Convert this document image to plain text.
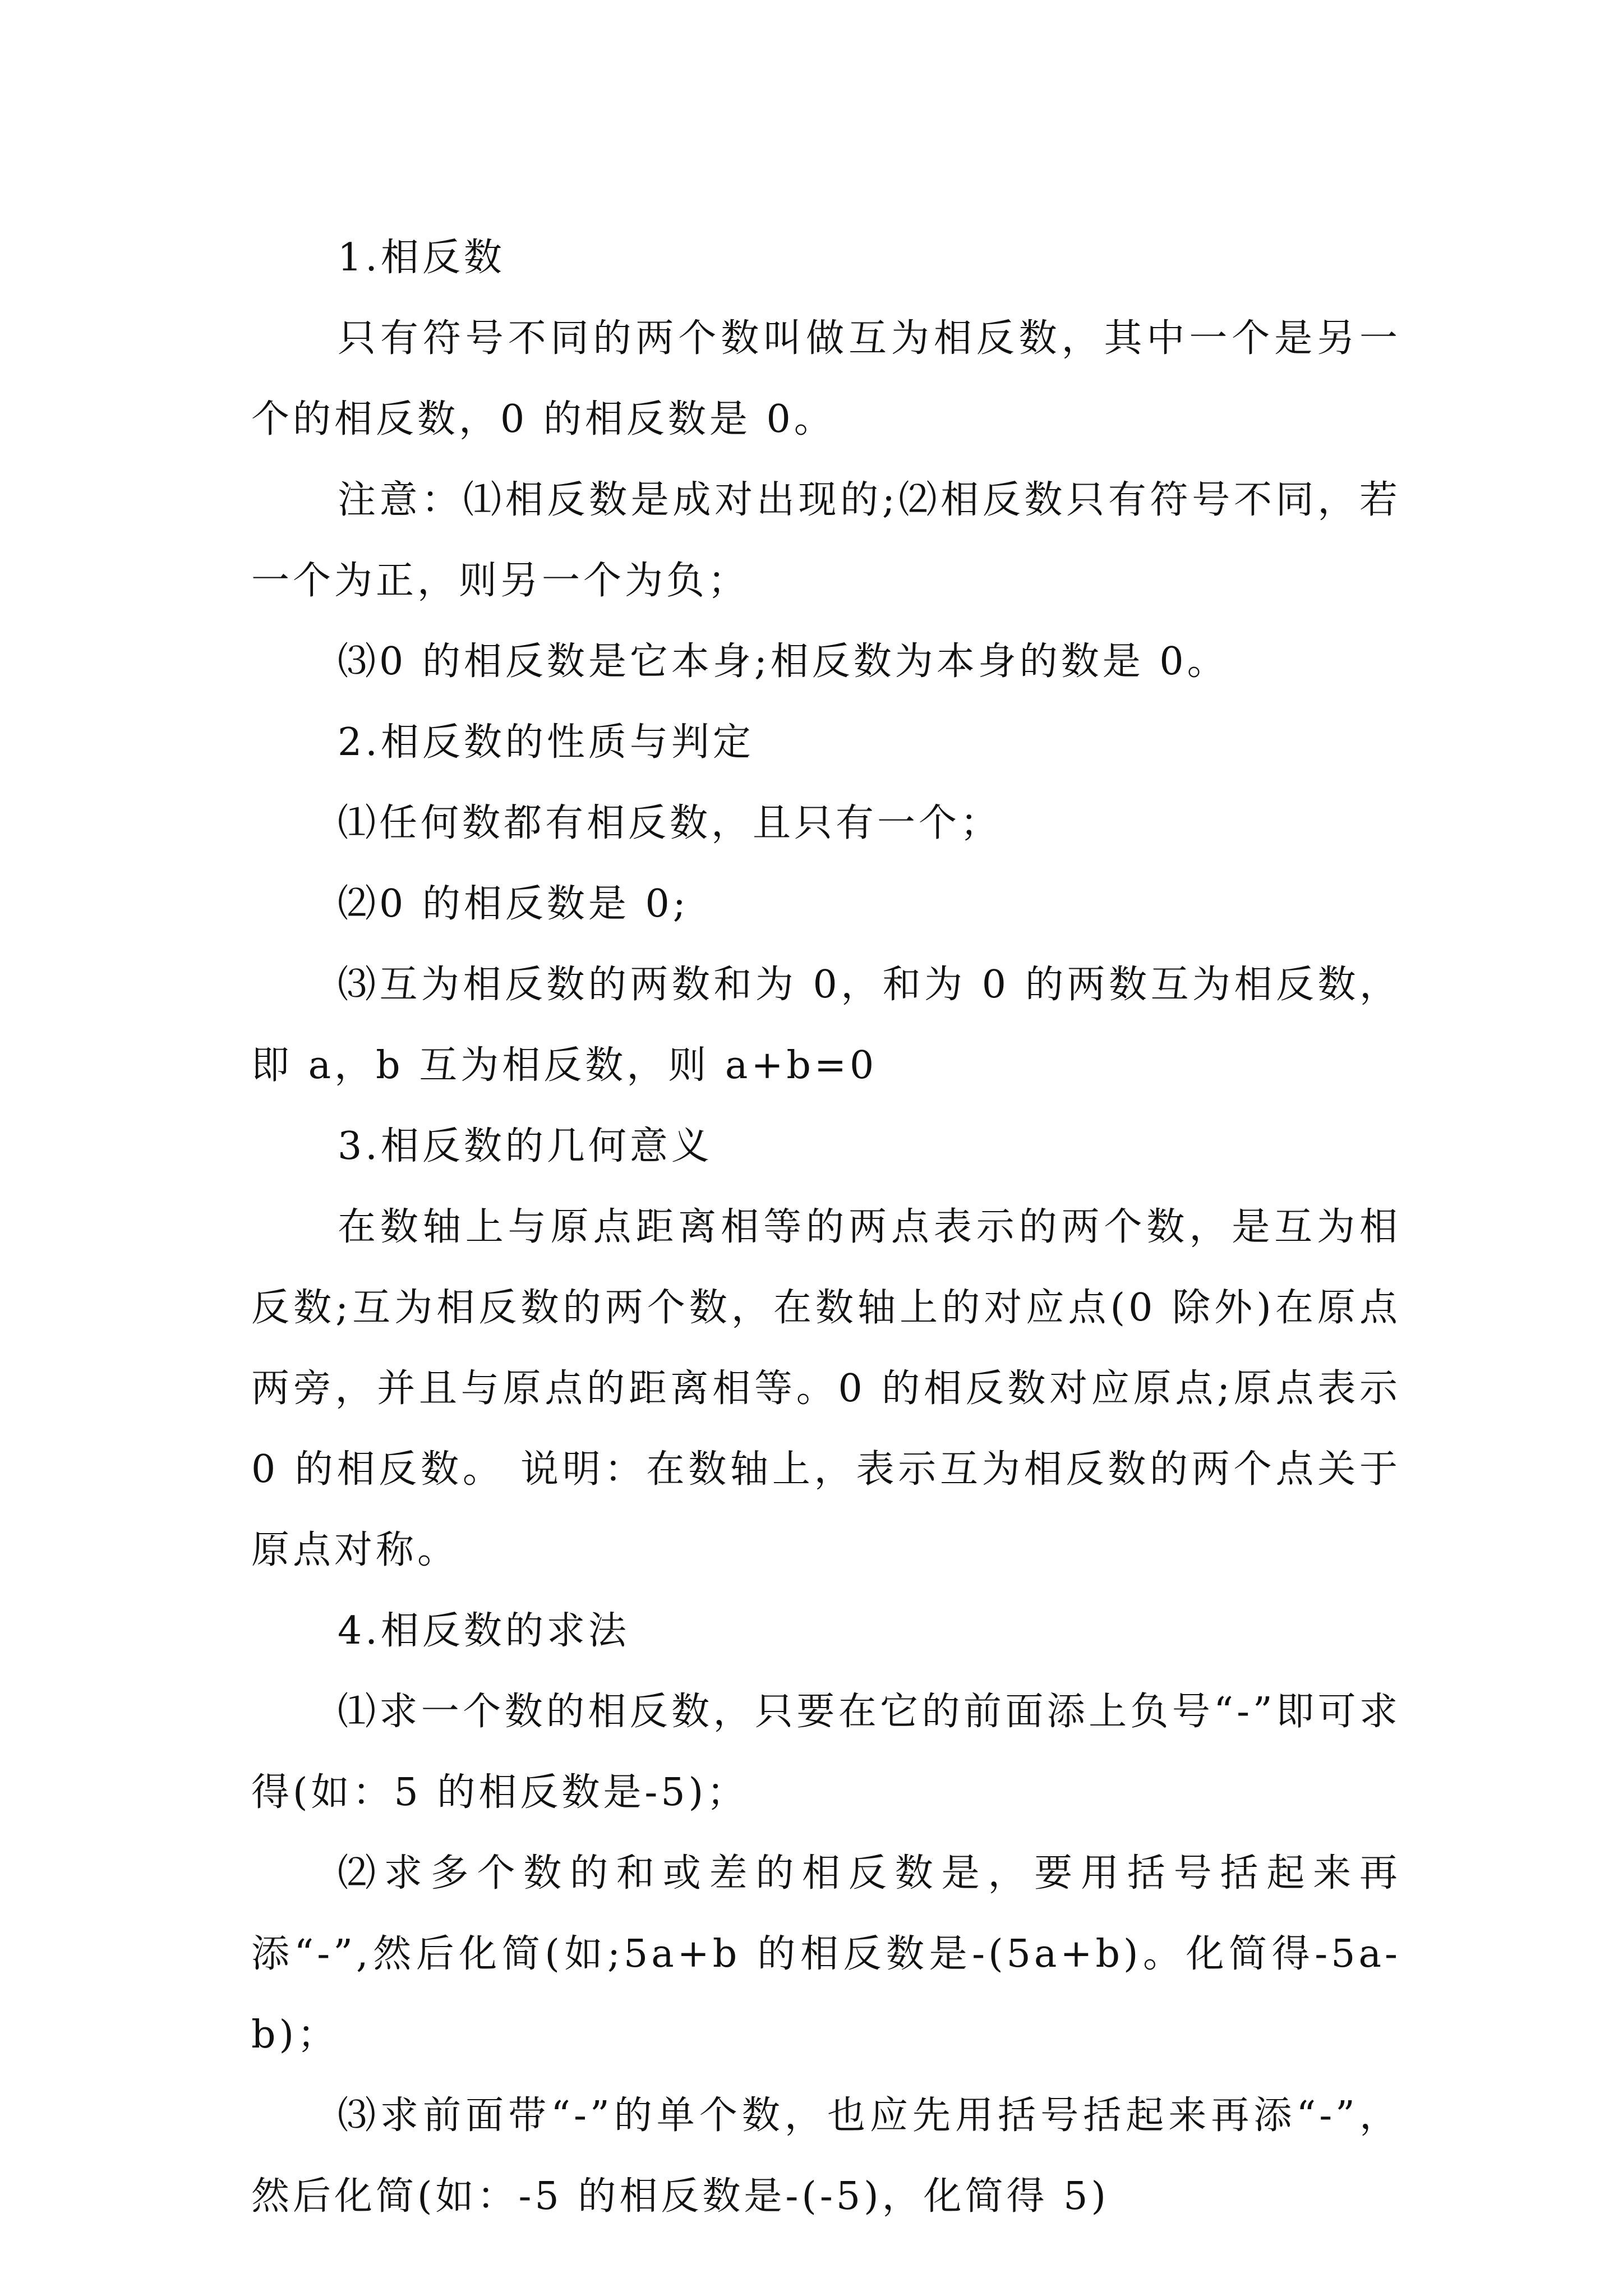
1.相反数

只有符号不同的两个数叫做互为相反数，其中一个是另一个的相反数，0 的相反数是 0。

注意：⑴相反数是成对出现的;⑵相反数只有符号不同，若一个为正，则另一个为负；

⑶0 的相反数是它本身;相反数为本身的数是 0。

2.相反数的性质与判定

⑴任何数都有相反数，且只有一个；

⑵0 的相反数是 0;

⑶互为相反数的两数和为 0，和为 0 的两数互为相反数，即 a，b 互为相反数，则 a+b=0

3.相反数的几何意义

在数轴上与原点距离相等的两点表示的两个数，是互为相反数;互为相反数的两个数，在数轴上的对应点(0 除外)在原点两旁，并且与原点的距离相等。0 的相反数对应原点;原点表示 0 的相反数。 说明：在数轴上，表示互为相反数的两个点关于原点对称。

4.相反数的求法

⑴求一个数的相反数，只要在它的前面添上负号“-”即可求得(如：5 的相反数是-5)；

⑵求多个数的和或差的相反数是，要用括号括起来再添“-”,然后化简(如;5a+b 的相反数是-(5a+b)。化简得-5a-b)；

⑶求前面带“-”的单个数，也应先用括号括起来再添“-”，然后化简(如：-5 的相反数是-(-5)，化简得 5)
